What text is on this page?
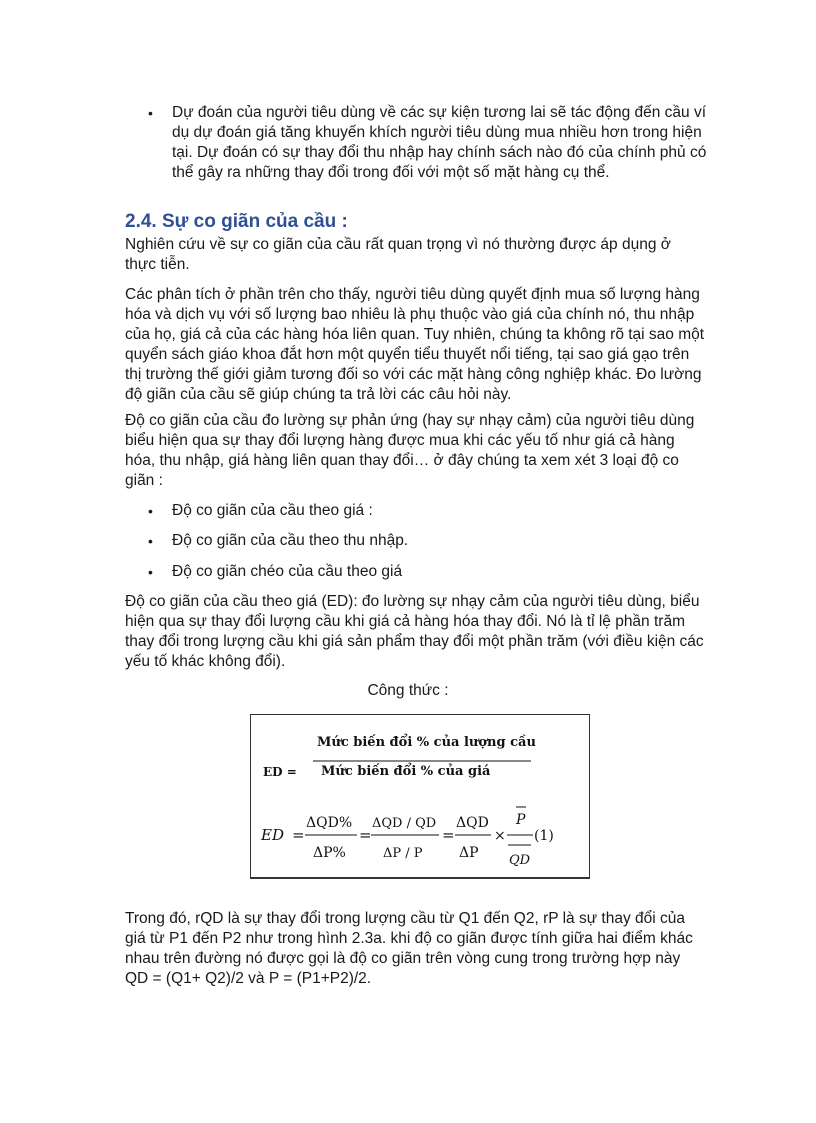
• Dự đoán của người tiêu dùng về các sự kiện tương lai sẽ tác động đến cầu ví dụ dự đoán giá tăng khuyến khích người tiêu dùng mua nhiều hơn trong hiện tại. Dự đoán có sự thay đổi thu nhập hay chính sách nào đó của chính phủ có thể gây ra những thay đổi trong đối với một số mặt hàng cụ thể.
2.4. Sự co giãn của cầu :
Nghiên cứu về sự co giãn của cầu rất quan trọng vì nó thường được áp dụng ở thực tiễn.
Các phân tích ở phần trên cho thấy, người tiêu dùng quyết định mua số lượng hàng hóa và dịch vụ với số lượng bao nhiêu là phụ thuộc vào giá của chính nó, thu nhập của họ, giá cả của các hàng hóa liên quan. Tuy nhiên, chúng ta không rõ tại sao một quyển sách giáo khoa đắt hơn một quyển tiểu thuyết nổi tiếng, tại sao giá gạo trên thị trường thế giới giảm tương đối so với các mặt hàng công nghiệp khác. Đo lường độ giãn của cầu sẽ giúp chúng ta trả lời các câu hỏi này.
Độ co giãn của cầu đo lường sự phản ứng (hay sự nhạy cảm) của người tiêu dùng biểu hiện qua sự thay đổi lượng hàng được mua khi các yếu tố như giá cả hàng hóa, thu nhập, giá hàng liên quan thay đổi… ở đây chúng ta xem xét 3 loại độ co giãn :
• Độ co giãn của cầu theo giá :
• Độ co giãn của cầu theo thu nhập.
• Độ co giãn chéo của cầu theo giá
Độ co giãn của cầu theo giá (ED): đo lường sự nhạy cảm của người tiêu dùng, biểu hiện qua sự thay đổi lượng cầu khi giá cả hàng hóa thay đổi. Nó là tỉ lệ phần trăm thay đổi trong lượng cầu khi giá sản phẩm thay đổi một phần trăm (với điều kiện các yếu tố khác không đổi).
Công thức :
Mức biến đổi % của lượng cầu
ED = Mức biến đổi % của giá
ED =
ΔQD%
ΔP%
=
ΔQD / QD
ΔP / P
=
ΔQD
ΔP
×
P
QD
(1)
Trong đó, rQD là sự thay đổi trong lượng cầu từ Q1 đến Q2, rP là sự thay đổi của giá từ P1 đến P2 như trong hình 2.3a. khi độ co giãn được tính giữa hai điểm khác nhau trên đường nó được gọi là độ co giãn trên vòng cung trong trường hợp này QD = (Q1+ Q2)/2 và P = (P1+P2)/2.
